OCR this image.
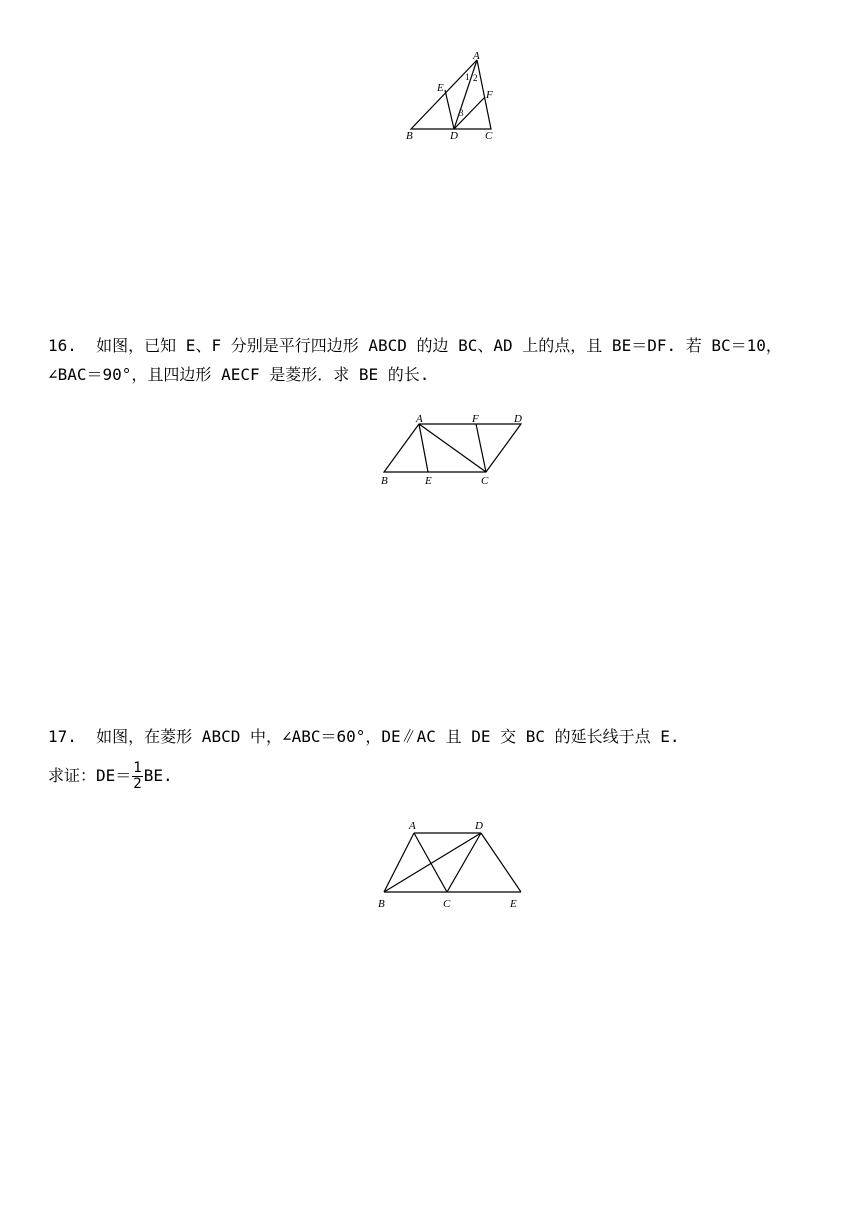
A
E
F
B	D C
1 2
3
16. 如图，已知 E、F 分别是平行四边形 ABCD 的边 BC、AD 上的点，且 BE＝DF. 若 BC＝10，
∠BAC＝90°，且四边形 AECF 是菱形．求 BE 的长.
A	F	D
B	E	C
17. 如图，在菱形 ABCD 中，∠ABC＝60°，DE∥AC 且 DE 交 BC 的延长线于点 E.
求证：$DE= \frac{1}{2}$ BE.
A	D
B	C	E
